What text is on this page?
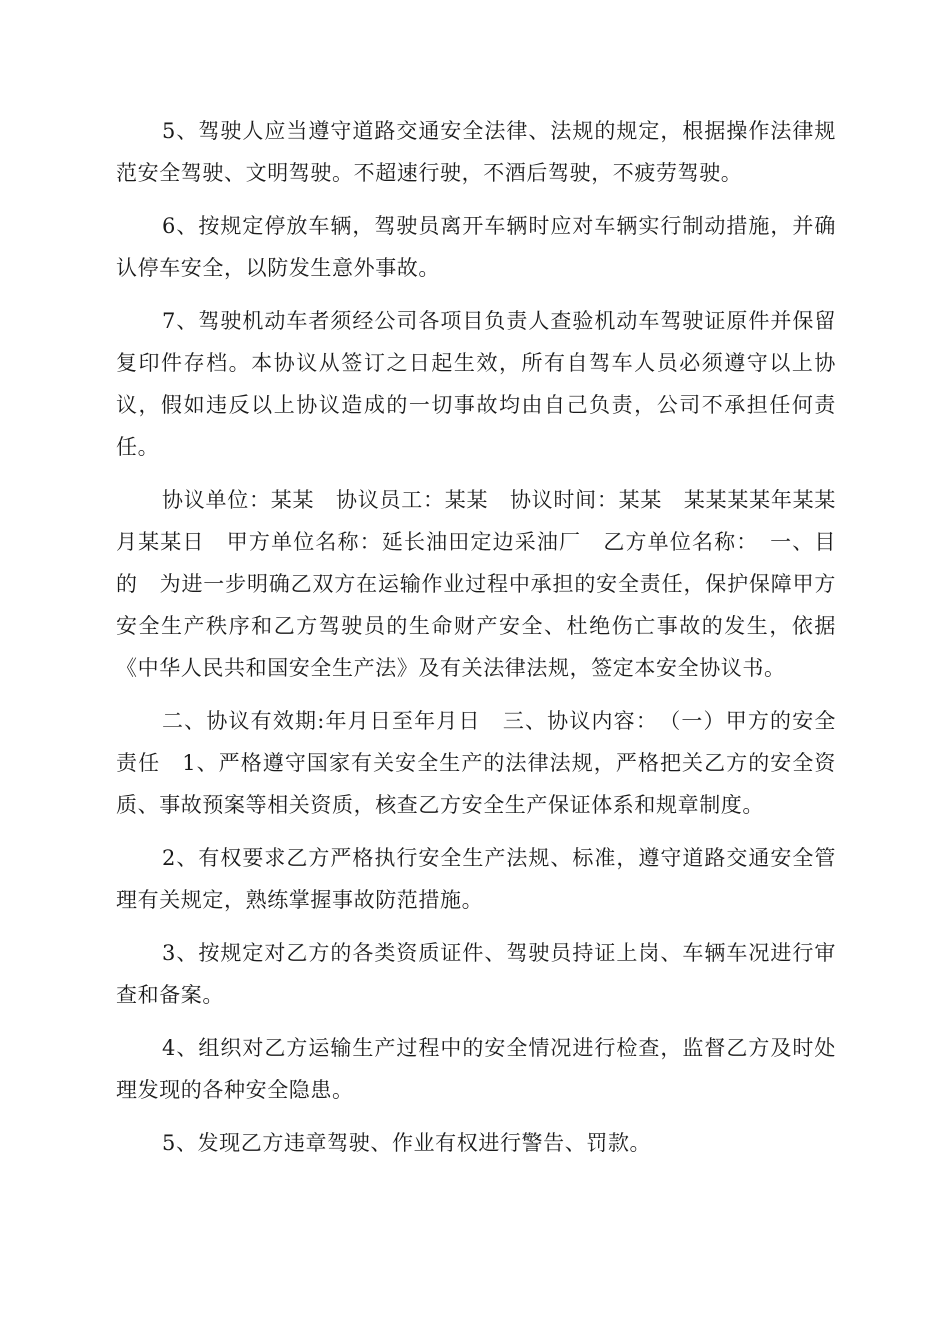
5、驾驶人应当遵守道路交通安全法律、法规的规定，根据操作法律规范安全驾驶、文明驾驶。不超速行驶，不酒后驾驶，不疲劳驾驶。

6、按规定停放车辆，驾驶员离开车辆时应对车辆实行制动措施，并确认停车安全，以防发生意外事故。

7、驾驶机动车者须经公司各项目负责人查验机动车驾驶证原件并保留复印件存档。本协议从签订之日起生效，所有自驾车人员必须遵守以上协议，假如违反以上协议造成的一切事故均由自己负责，公司不承担任何责任。

协议单位：某某　协议员工：某某　协议时间：某某　某某某某年某某月某某日　甲方单位名称：延长油田定边采油厂　乙方单位名称：　一、目的　为进一步明确乙双方在运输作业过程中承担的安全责任，保护保障甲方安全生产秩序和乙方驾驶员的生命财产安全、杜绝伤亡事故的发生，依据《中华人民共和国安全生产法》及有关法律法规，签定本安全协议书。

二、协议有效期:年月日至年月日　三、协议内容：　（一）甲方的安全责任　1、严格遵守国家有关安全生产的法律法规，严格把关乙方的安全资质、事故预案等相关资质，核查乙方安全生产保证体系和规章制度。

2、有权要求乙方严格执行安全生产法规、标准，遵守道路交通安全管理有关规定，熟练掌握事故防范措施。

3、按规定对乙方的各类资质证件、驾驶员持证上岗、车辆车况进行审查和备案。

4、组织对乙方运输生产过程中的安全情况进行检查，监督乙方及时处理发现的各种安全隐患。

5、发现乙方违章驾驶、作业有权进行警告、罚款。
